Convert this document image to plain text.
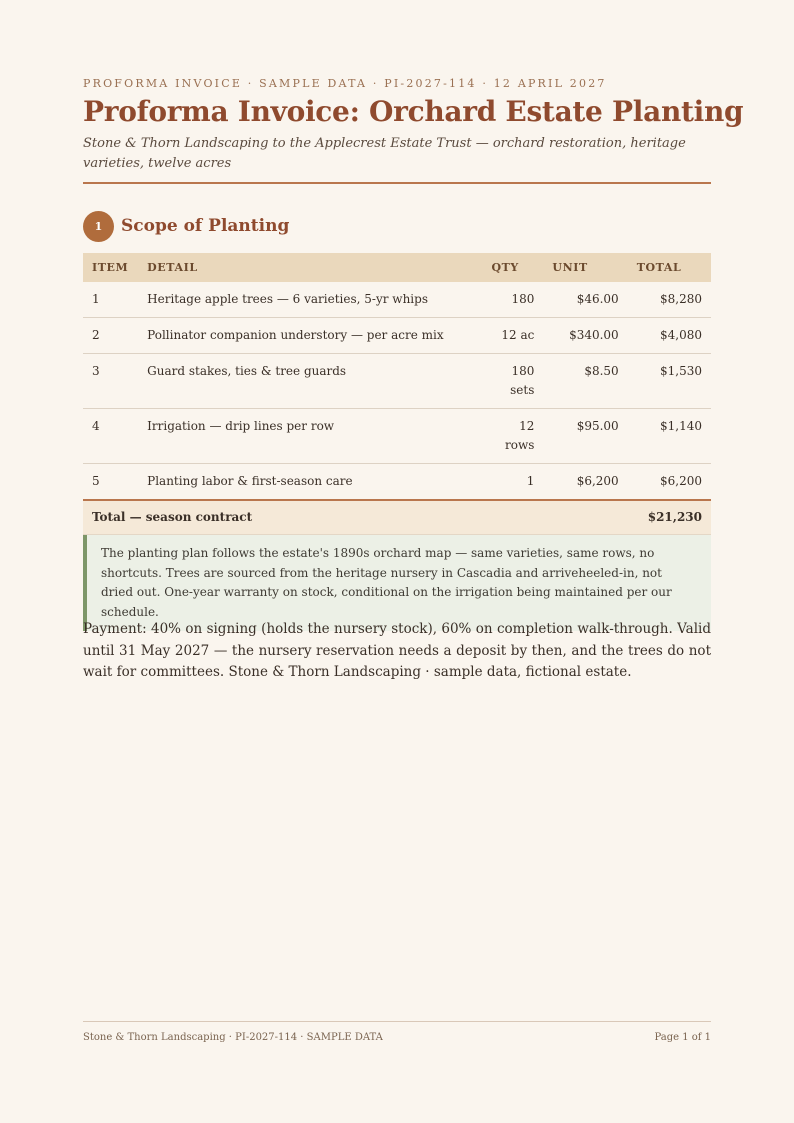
PROFORMA INVOICE · SAMPLE DATA · PI-2027-114 · 12 APRIL 2027
Proforma Invoice: Orchard Estate Planting
Stone & Thorn Landscaping to the Applecrest Estate Trust — orchard restoration, heritage varieties, twelve acres
1	Scope of Planting
ITEM	DETAIL	QTY	UNIT	TOTAL
1	Heritage apple trees — 6 varieties, 5-yr whips	180	$46.00	$8,280
2	Pollinator companion understory — per acre mix	12 ac	$340.00	$4,080
3	Guard stakes, ties & tree guards	180 sets	$8.50	$1,530
4	Irrigation — drip lines per row	12 rows	$95.00	$1,140
5	Planting labor & first-season care	1	$6,200	$6,200
Total — season contract				$21,230
The planting plan follows the estate's 1890s orchard map — same varieties, same rows, no shortcuts. Trees are sourced from the heritage nursery in Cascadia and arriveheeled-in, not dried out. One-year warranty on stock, conditional on the irrigation being maintained per our schedule.
Payment: 40% on signing (holds the nursery stock), 60% on completion walk-through. Valid until 31 May 2027 — the nursery reservation needs a deposit by then, and the trees do not wait for committees. Stone & Thorn Landscaping · sample data, fictional estate.
Stone & Thorn Landscaping · PI-2027-114 · SAMPLE DATA	Page 1 of 1
